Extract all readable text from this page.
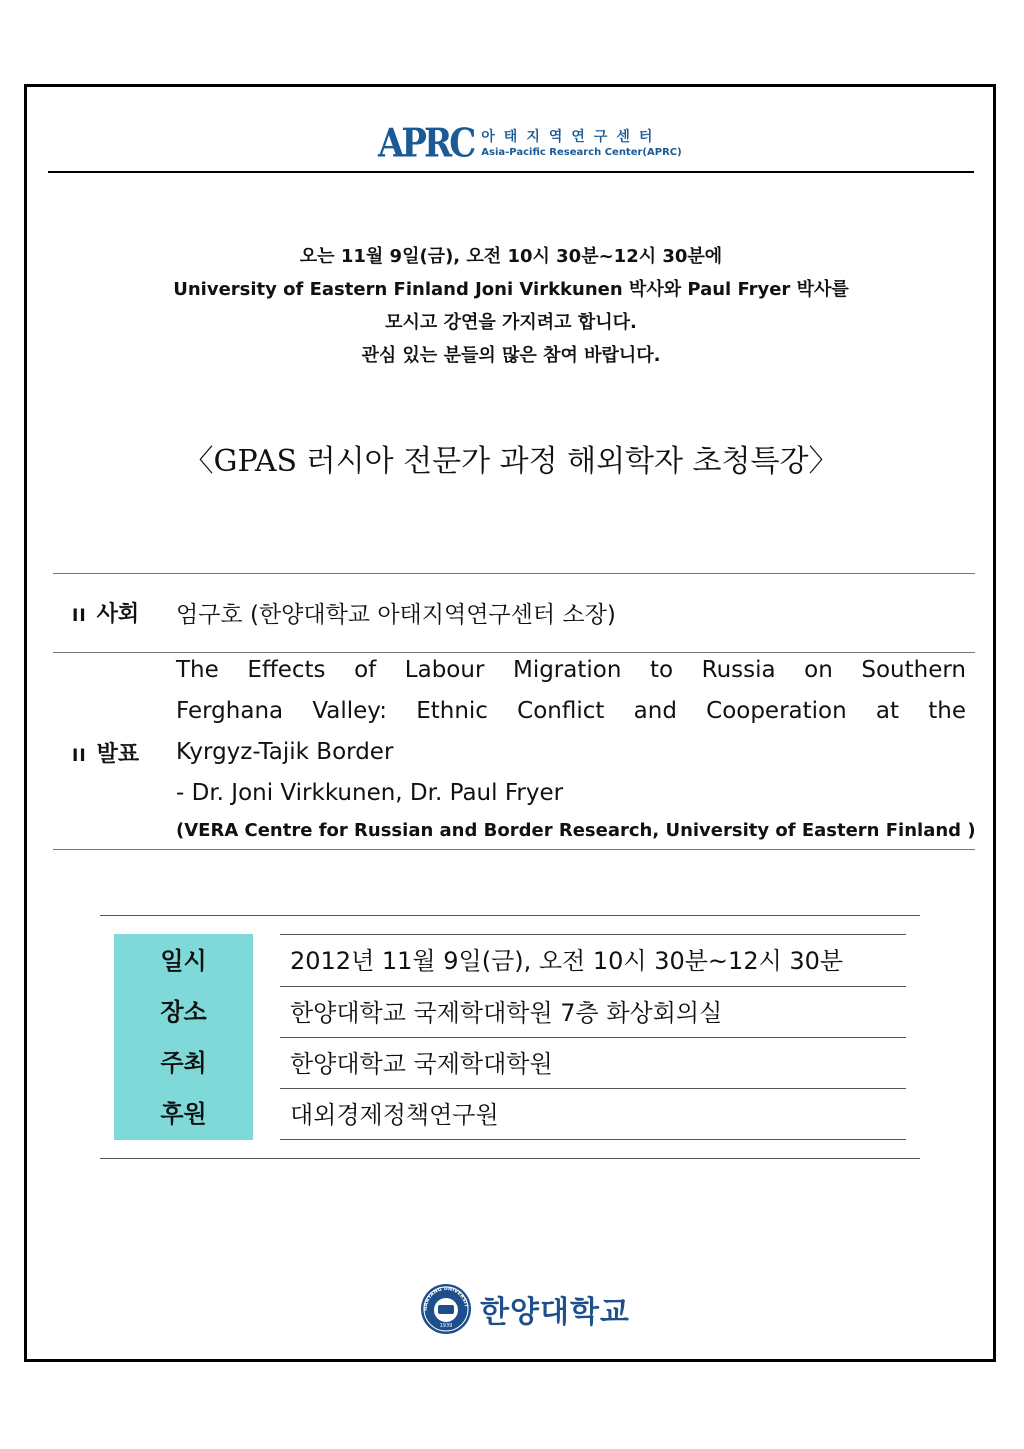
APRC 아태지역연구센터
Asia-Pacific Research Center(APRC)
오는 11월 9일(금), 오전 10시 30분~12시 30분에
University of Eastern Finland Joni Virkkunen 박사와 Paul Fryer 박사를
모시고 강연을 가지려고 합니다.
관심 있는 분들의 많은 참여 바랍니다.
〈GPAS 러시아 전문가 과정 해외학자 초청특강〉
II 사회 엄구호 (한양대학교 아태지역연구센터 소장)
II 발표
The Effects of Labour Migration to Russia on Southern
Ferghana Valley: Ethnic Conflict and Cooperation at the
Kyrgyz-Tajik Border
- Dr. Joni Virkkunen, Dr. Paul Fryer
(VERA Centre for Russian and Border Research, University of Eastern Finland )
일시
장소
주최
후원
2012년 11월 9일(금), 오전 10시 30분~12시 30분
한양대학교 국제학대학원 7층 화상회의실
한양대학교 국제학대학원
대외경제정책연구원
HANYANG UNIVERSIT
1939 한양대학교
